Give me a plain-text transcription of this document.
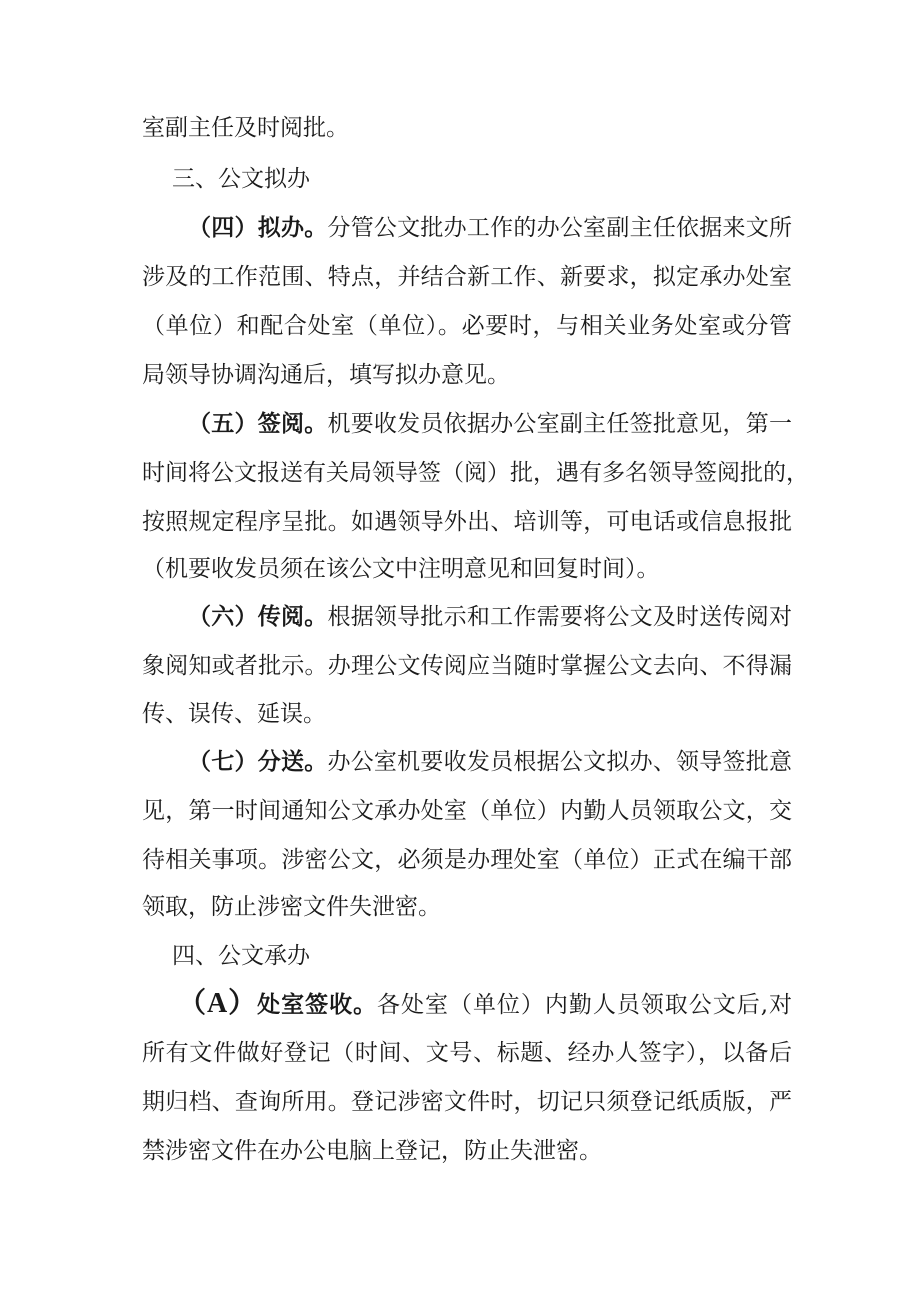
室副主任及时阅批。
三、公文拟办
（四）拟办。分管公文批办工作的办公室副主任依据来文所
涉及的工作范围、特点，并结合新工作、新要求，拟定承办处室
（单位）和配合处室（单位）。必要时，与相关业务处室或分管
局领导协调沟通后，填写拟办意见。
（五）签阅。机要收发员依据办公室副主任签批意见，第一
时间将公文报送有关局领导签（阅）批，遇有多名领导签阅批的，
按照规定程序呈批。如遇领导外出、培训等，可电话或信息报批
（机要收发员须在该公文中注明意见和回复时间）。
（六）传阅。根据领导批示和工作需要将公文及时送传阅对
象阅知或者批示。办理公文传阅应当随时掌握公文去向、不得漏
传、误传、延误。
（七）分送。办公室机要收发员根据公文拟办、领导签批意
见，第一时间通知公文承办处室（单位）内勤人员领取公文，交
待相关事项。涉密公文，必须是办理处室（单位）正式在编干部
领取，防止涉密文件失泄密。
四、公文承办
（A）处室签收。各处室（单位）内勤人员领取公文后,对
所有文件做好登记（时间、文号、标题、经办人签字），以备后
期归档、查询所用。登记涉密文件时，切记只须登记纸质版，严
禁涉密文件在办公电脑上登记，防止失泄密。
